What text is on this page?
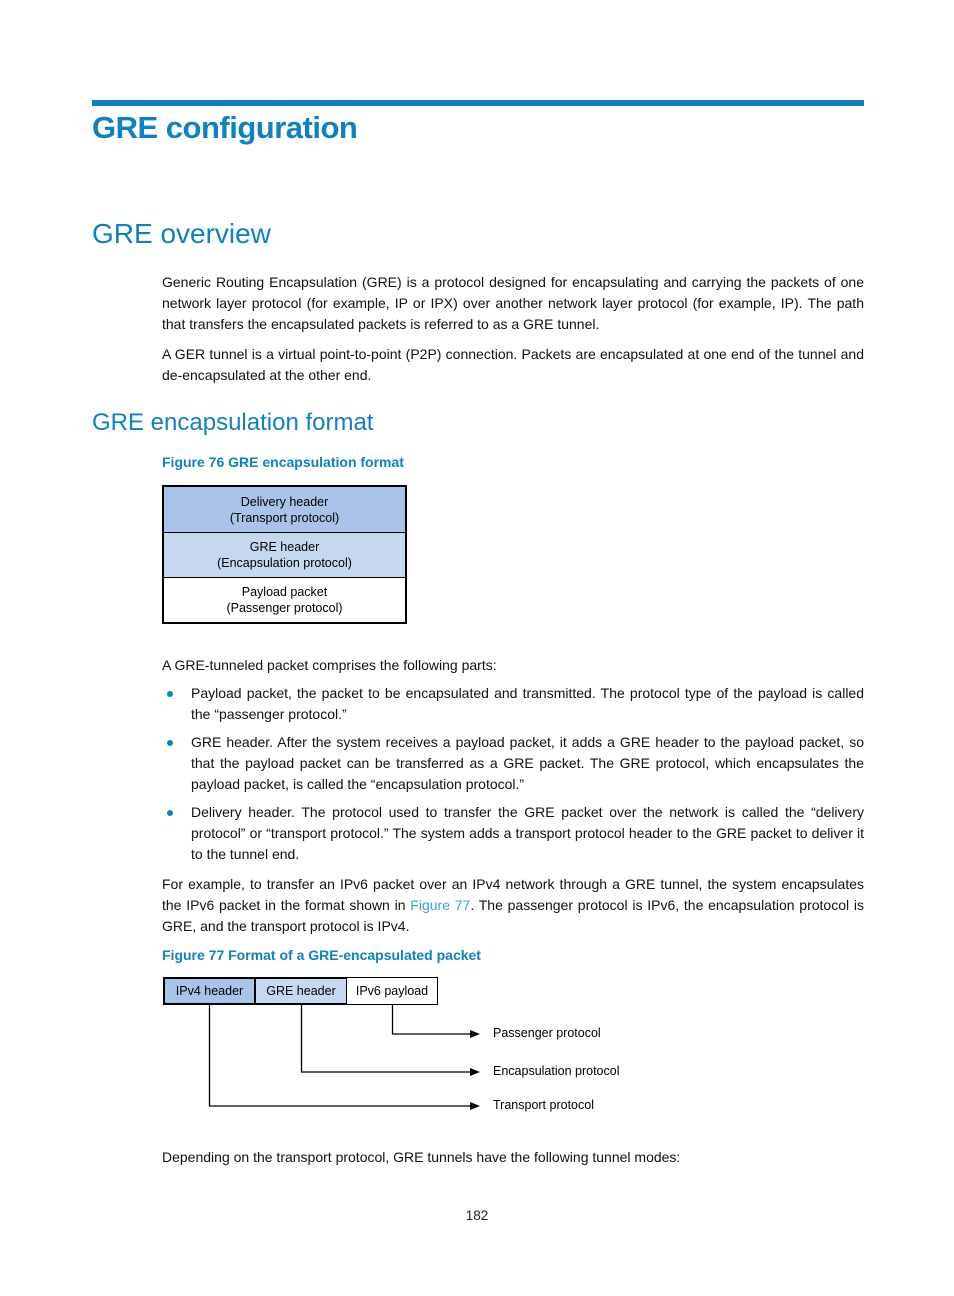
GRE configuration
GRE overview
Generic Routing Encapsulation (GRE) is a protocol designed for encapsulating and carrying the packets of one network layer protocol (for example, IP or IPX) over another network layer protocol (for example, IP). The path that transfers the encapsulated packets is referred to as a GRE tunnel.
A GER tunnel is a virtual point-to-point (P2P) connection. Packets are encapsulated at one end of the tunnel and de-encapsulated at the other end.
GRE encapsulation format
Figure 76 GRE encapsulation format
Delivery header
(Transport protocol)
GRE header
(Encapsulation protocol)
Payload packet
(Passenger protocol)
A GRE-tunneled packet comprises the following parts:
Payload packet, the packet to be encapsulated and transmitted. The protocol type of the payload is called the “passenger protocol.”
GRE header. After the system receives a payload packet, it adds a GRE header to the payload packet, so that the payload packet can be transferred as a GRE packet. The GRE protocol, which encapsulates the payload packet, is called the “encapsulation protocol.”
Delivery header. The protocol used to transfer the GRE packet over the network is called the “delivery protocol” or “transport protocol.” The system adds a transport protocol header to the GRE packet to deliver it to the tunnel end.
For example, to transfer an IPv6 packet over an IPv4 network through a GRE tunnel, the system encapsulates the IPv6 packet in the format shown in Figure 77. The passenger protocol is IPv6, the encapsulation protocol is GRE, and the transport protocol is IPv4.
Figure 77 Format of a GRE-encapsulated packet
IPv4 header	GRE header	IPv6 payload
Passenger protocol
Encapsulation protocol
Transport protocol
Depending on the transport protocol, GRE tunnels have the following tunnel modes:
182
